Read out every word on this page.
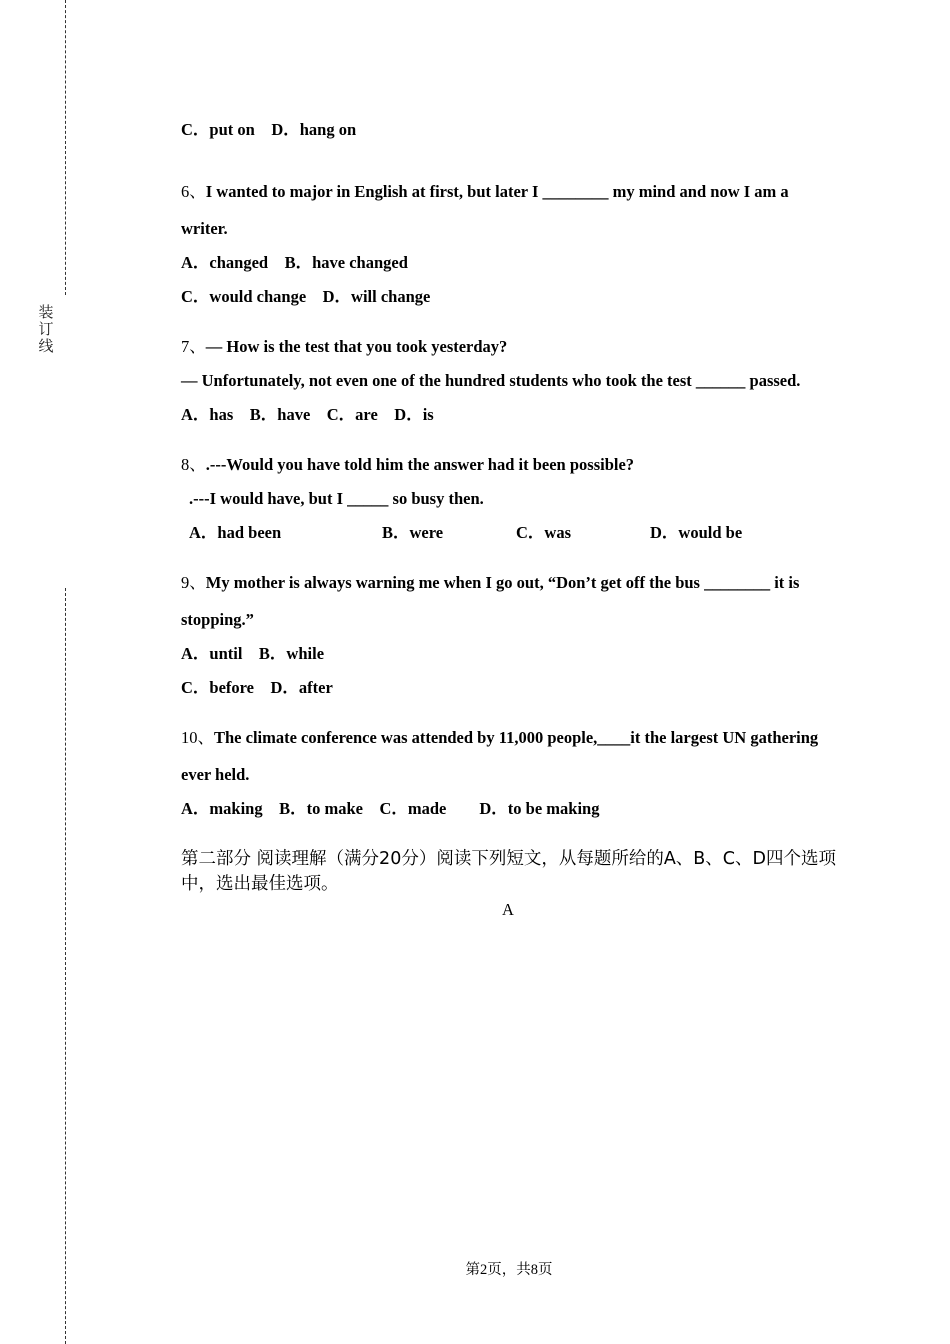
装
订
线
C．put on　D．hang on
6、I wanted to major in English at first, but later I ________ my mind and now I am a
writer.
A．changed　B．have changed
C．would change　D．will change
7、— How is the test that you took yesterday?
— Unfortunately, not even one of the hundred students who took the test ______ passed.
A．has　B．have　C．are　D．is
8、.---Would you have told him the answer had it been possible?
.---I would have, but I _____ so busy then.
A．had been	B．were	C．was	D．would be
9、My mother is always warning me when I go out, “Don’t get off the bus ________ it is
stopping.”
A．until　B．while
C．before　D．after
10、The climate conference was attended by 11,000 people,____it the largest UN gathering
ever held.
A．making　B．to make　C．made　　D．to be making
第二部分 阅读理解（满分20分）阅读下列短文，从每题所给的A、B、C、D四个选项中，选出最佳选项。
A
第2页，共8页
